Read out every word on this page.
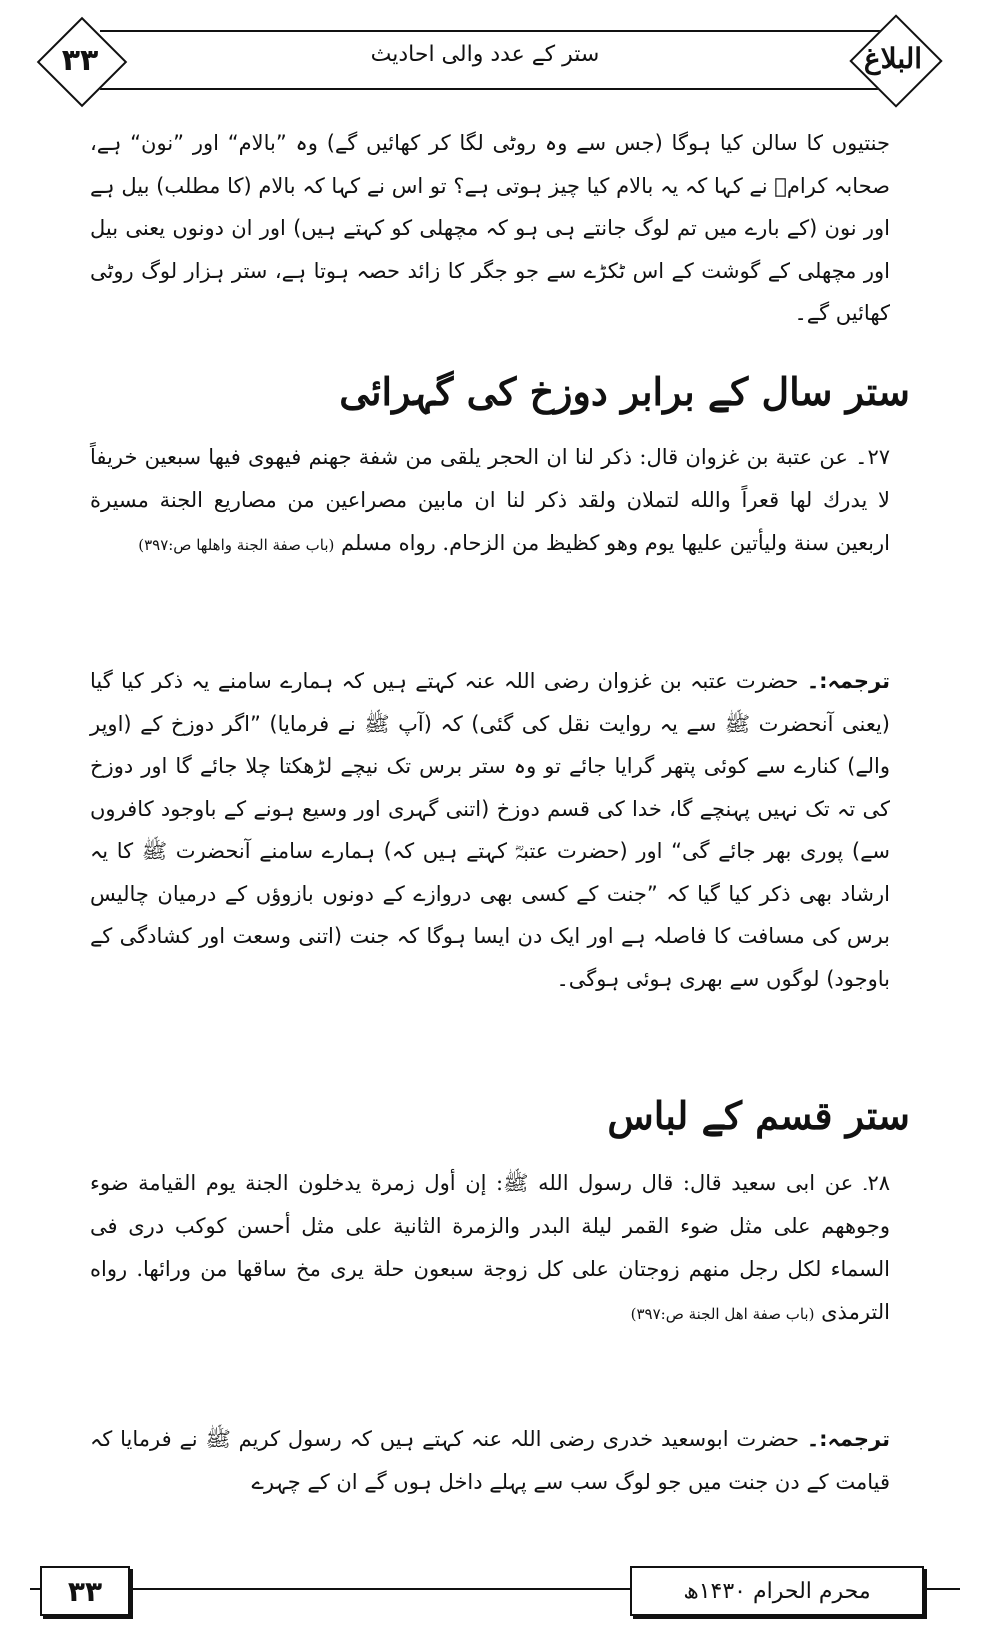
۳۳	البلاغ
ستر کے عدد والی احادیث
جنتیوں کا سالن کیا ہوگا (جس سے وہ روٹی لگا کر کھائیں گے) وہ ”بالام“ اور ”نون“ ہے، صحابہ کرامؓ نے کہا کہ یہ بالام کیا چیز ہوتی ہے؟ تو اس نے کہا کہ بالام (کا مطلب) بیل ہے اور نون (کے بارے میں تم لوگ جانتے ہی ہو کہ مچھلی کو کہتے ہیں) اور ان دونوں یعنی بیل اور مچھلی کے گوشت کے اس ٹکڑے سے جو جگر کا زائد حصہ ہوتا ہے، ستر ہزار لوگ روٹی کھائیں گے۔
ستر سال کے برابر دوزخ کی گہرائی
۲۷۔ عن عتبة بن غزوان قال: ذكر لنا ان الحجر يلقى من شفة جهنم فيهوى فيها سبعين خريفاً لا يدرك لها قعراً والله لتملان ولقد ذكر لنا ان مابين مصراعين من مصاريع الجنة مسيرة اربعين سنة وليأتين عليها يوم وهو كظيظ من الزحام. رواه مسلم (باب صفة الجنة واهلها ص:۳۹۷)
ترجمہ:۔ حضرت عتبہ بن غزوان رضی اللہ عنہ کہتے ہیں کہ ہمارے سامنے یہ ذکر کیا گیا (یعنی آنحضرت ﷺ سے یہ روایت نقل کی گئی) کہ (آپ ﷺ نے فرمایا) ”اگر دوزخ کے (اوپر والے) کنارے سے کوئی پتھر گرایا جائے تو وہ ستر برس تک نیچے لڑھکتا چلا جائے گا اور دوزخ کی تہ تک نہیں پہنچے گا، خدا کی قسم دوزخ (اتنی گہری اور وسیع ہونے کے باوجود کافروں سے) پوری بھر جائے گی“ اور (حضرت عتبہؓ کہتے ہیں کہ) ہمارے سامنے آنحضرت ﷺ کا یہ ارشاد بھی ذکر کیا گیا کہ ”جنت کے کسی بھی دروازے کے دونوں بازوؤں کے درمیان چالیس برس کی مسافت کا فاصلہ ہے اور ایک دن ایسا ہوگا کہ جنت (اتنی وسعت اور کشادگی کے باوجود) لوگوں سے بھری ہوئی ہوگی۔
ستر قسم کے لباس
۲۸۔ عن ابی سعید قال: قال رسول الله ﷺ: إن أول زمرة يدخلون الجنة يوم القيامة ضوء وجوههم على مثل ضوء القمر ليلة البدر والزمرة الثانية على مثل أحسن كوكب درى فى السماء لكل رجل منهم زوجتان على كل زوجة سبعون حلة يرى مخ ساقها من ورائها. رواه الترمذى (باب صفة اهل الجنة ص:۳۹۷)
ترجمہ:۔ حضرت ابوسعید خدری رضی اللہ عنہ کہتے ہیں کہ رسول کریم ﷺ نے فرمایا کہ قیامت کے دن جنت میں جو لوگ سب سے پہلے داخل ہوں گے ان کے چہرے
۳۳	محرم الحرام ۱۴۳۰ھ
